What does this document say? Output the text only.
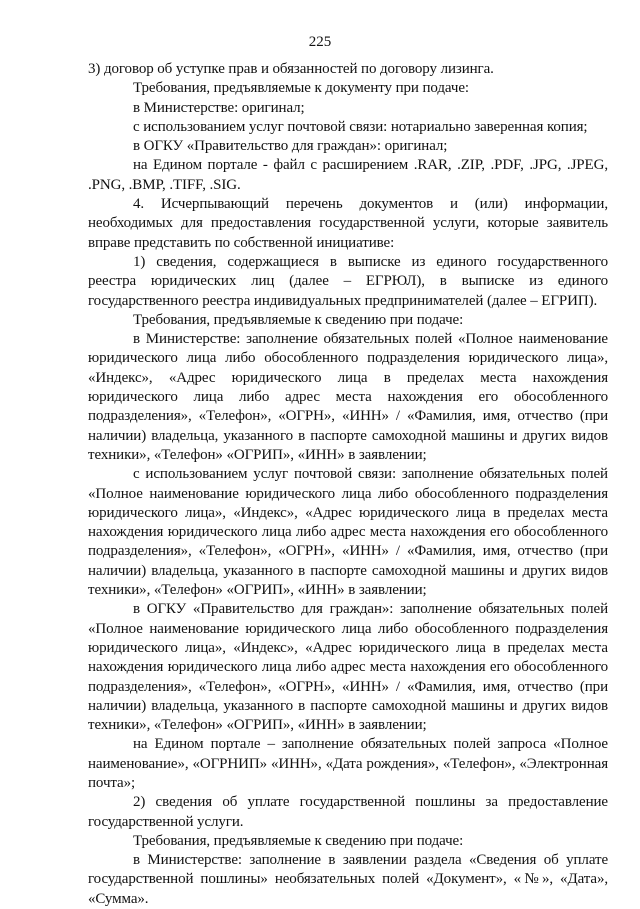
225

3) договор об уступке прав и обязанностей по договору лизинга.

Требования, предъявляемые к документу при подаче:

в Министерстве: оригинал;

с использованием услуг почтовой связи: нотариально заверенная копия;

в ОГКУ «Правительство для граждан»: оригинал;

на Едином портале - файл с расширением .RAR, .ZIP, .PDF, .JPG, .JPEG, .PNG, .BMP, .TIFF, .SIG.

4. Исчерпывающий перечень документов и (или) информации, необходимых для предоставления государственной услуги, которые заявитель вправе представить по собственной инициативе:

1) сведения, содержащиеся в выписке из единого государственного реестра юридических лиц (далее – ЕГРЮЛ), в выписке из единого государственного реестра индивидуальных предпринимателей (далее – ЕГРИП).

Требования, предъявляемые к сведению при подаче:

в Министерстве: заполнение обязательных полей «Полное наименование юридического лица либо обособленного подразделения юридического лица», «Индекс», «Адрес юридического лица в пределах места нахождения юридического лица либо адрес места нахождения его обособленного подразделения», «Телефон», «ОГРН», «ИНН» / «Фамилия, имя, отчество (при наличии) владельца, указанного в паспорте самоходной машины и других видов техники», «Телефон» «ОГРИП», «ИНН» в заявлении;

с использованием услуг почтовой связи: заполнение обязательных полей «Полное наименование юридического лица либо обособленного подразделения юридического лица», «Индекс», «Адрес юридического лица в пределах места нахождения юридического лица либо адрес места нахождения его обособленного подразделения», «Телефон», «ОГРН», «ИНН» / «Фамилия, имя, отчество (при наличии) владельца, указанного в паспорте самоходной машины и других видов техники», «Телефон» «ОГРИП», «ИНН» в заявлении;

в ОГКУ «Правительство для граждан»: заполнение обязательных полей «Полное наименование юридического лица либо обособленного подразделения юридического лица», «Индекс», «Адрес юридического лица в пределах места нахождения юридического лица либо адрес места нахождения его обособленного подразделения», «Телефон», «ОГРН», «ИНН» / «Фамилия, имя, отчество (при наличии) владельца, указанного в паспорте самоходной машины и других видов техники», «Телефон» «ОГРИП», «ИНН» в заявлении;

на Едином портале – заполнение обязательных полей запроса «Полное наименование», «ОГРНИП» «ИНН», «Дата рождения», «Телефон», «Электронная почта»;

2) сведения об уплате государственной пошлины за предоставление государственной услуги.

Требования, предъявляемые к сведению при подаче:

в Министерстве: заполнение в заявлении раздела «Сведения об уплате государственной пошлины» необязательных полей «Документ», «№», «Дата», «Сумма».
